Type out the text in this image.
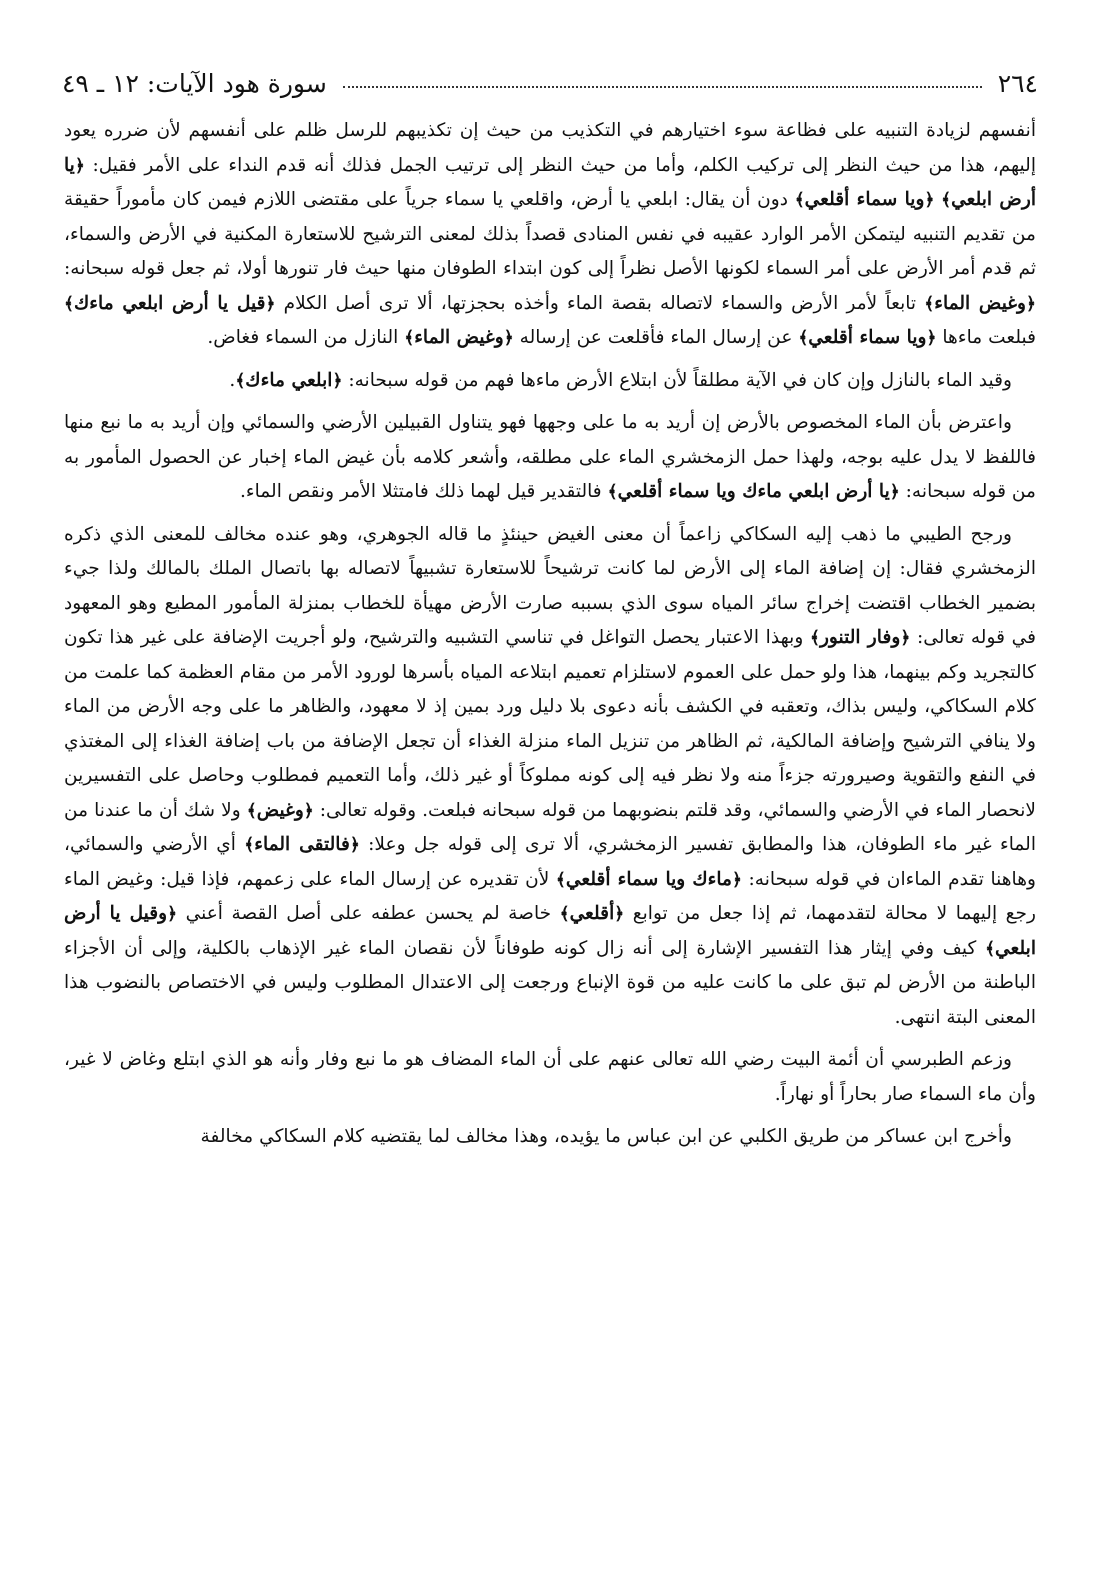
٢٦٤
سورة هود الآيات: ١٢ ـ ٤٩

أنفسهم لزيادة التنبيه على فظاعة سوء اختيارهم في التكذيب من حيث إن تكذيبهم للرسل ظلم على أنفسهم لأن ضرره يعود إليهم، هذا من حيث النظر إلى تركيب الكلم، وأما من حيث النظر إلى ترتيب الجمل فذلك أنه قدم النداء على الأمر فقيل: ﴿يا أرض ابلعي﴾ ﴿ويا سماء أقلعي﴾ دون أن يقال: ابلعي يا أرض، واقلعي يا سماء جرياً على مقتضى اللازم فيمن كان مأموراً حقيقة من تقديم التنبيه ليتمكن الأمر الوارد عقيبه في نفس المنادى قصداً بذلك لمعنى الترشيح للاستعارة المكنية في الأرض والسماء، ثم قدم أمر الأرض على أمر السماء لكونها الأصل نظراً إلى كون ابتداء الطوفان منها حيث فار تنورها أولا، ثم جعل قوله سبحانه: ﴿وغيض الماء﴾ تابعاً لأمر الأرض والسماء لاتصاله بقصة الماء وأخذه بحجزتها، ألا ترى أصل الكلام ﴿قيل يا أرض ابلعي ماءك﴾ فبلعت ماءها ﴿ويا سماء أقلعي﴾ عن إرسال الماء فأقلعت عن إرساله ﴿وغيض الماء﴾ النازل من السماء فغاض.

وقيد الماء بالنازل وإن كان في الآية مطلقاً لأن ابتلاع الأرض ماءها فهم من قوله سبحانه: ﴿ابلعي ماءك﴾.

واعترض بأن الماء المخصوص بالأرض إن أريد به ما على وجهها فهو يتناول القبيلين الأرضي والسمائي وإن أريد به ما نبع منها فاللفظ لا يدل عليه بوجه، ولهذا حمل الزمخشري الماء على مطلقه، وأشعر كلامه بأن غيض الماء إخبار عن الحصول المأمور به من قوله سبحانه: ﴿يا أرض ابلعي ماءك ويا سماء أقلعي﴾ فالتقدير قيل لهما ذلك فامتثلا الأمر ونقص الماء.

ورجح الطيبي ما ذهب إليه السكاكي زاعماً أن معنى الغيض حينئذٍ ما قاله الجوهري، وهو عنده مخالف للمعنى الذي ذكره الزمخشري فقال: إن إضافة الماء إلى الأرض لما كانت ترشيحاً للاستعارة تشبيهاً لاتصاله بها باتصال الملك بالمالك ولذا جيء بضمير الخطاب اقتضت إخراج سائر المياه سوى الذي بسببه صارت الأرض مهيأة للخطاب بمنزلة المأمور المطيع وهو المعهود في قوله تعالى: ﴿وفار التنور﴾ وبهذا الاعتبار يحصل التواغل في تناسي التشبيه والترشيح، ولو أجريت الإضافة على غير هذا تكون كالتجريد وكم بينهما، هذا ولو حمل على العموم لاستلزام تعميم ابتلاعه المياه بأسرها لورود الأمر من مقام العظمة كما علمت من كلام السكاكي، وليس بذاك، وتعقبه في الكشف بأنه دعوى بلا دليل ورد بمين إذ لا معهود، والظاهر ما على وجه الأرض من الماء ولا ينافي الترشيح وإضافة المالكية، ثم الظاهر من تنزيل الماء منزلة الغذاء أن تجعل الإضافة من باب إضافة الغذاء إلى المغتذي في النفع والتقوية وصيرورته جزءاً منه ولا نظر فيه إلى كونه مملوكاً أو غير ذلك، وأما التعميم فمطلوب وحاصل على التفسيرين لانحصار الماء في الأرضي والسمائي، وقد قلتم بنضوبهما من قوله سبحانه فبلعت. وقوله تعالى: ﴿وغيض﴾ ولا شك أن ما عندنا من الماء غير ماء الطوفان، هذا والمطابق تفسير الزمخشري، ألا ترى إلى قوله جل وعلا: ﴿فالتقى الماء﴾ أي الأرضي والسمائي، وهاهنا تقدم الماءان في قوله سبحانه: ﴿ماءك ويا سماء أقلعي﴾ لأن تقديره عن إرسال الماء على زعمهم، فإذا قيل: وغيض الماء رجع إليهما لا محالة لتقدمهما، ثم إذا جعل من توابع ﴿أقلعي﴾ خاصة لم يحسن عطفه على أصل القصة أعني ﴿وقيل يا أرض ابلعي﴾ كيف وفي إيثار هذا التفسير الإشارة إلى أنه زال كونه طوفاناً لأن نقصان الماء غير الإذهاب بالكلية، وإلى أن الأجزاء الباطنة من الأرض لم تبق على ما كانت عليه من قوة الإنباع ورجعت إلى الاعتدال المطلوب وليس في الاختصاص بالنضوب هذا المعنى البتة انتهى.

وزعم الطبرسي أن أئمة البيت رضي الله تعالى عنهم على أن الماء المضاف هو ما نبع وفار وأنه هو الذي ابتلع وغاض لا غير، وأن ماء السماء صار بحاراً أو نهاراً.

وأخرج ابن عساكر من طريق الكلبي عن ابن عباس ما يؤيده، وهذا مخالف لما يقتضيه كلام السكاكي مخالفة
